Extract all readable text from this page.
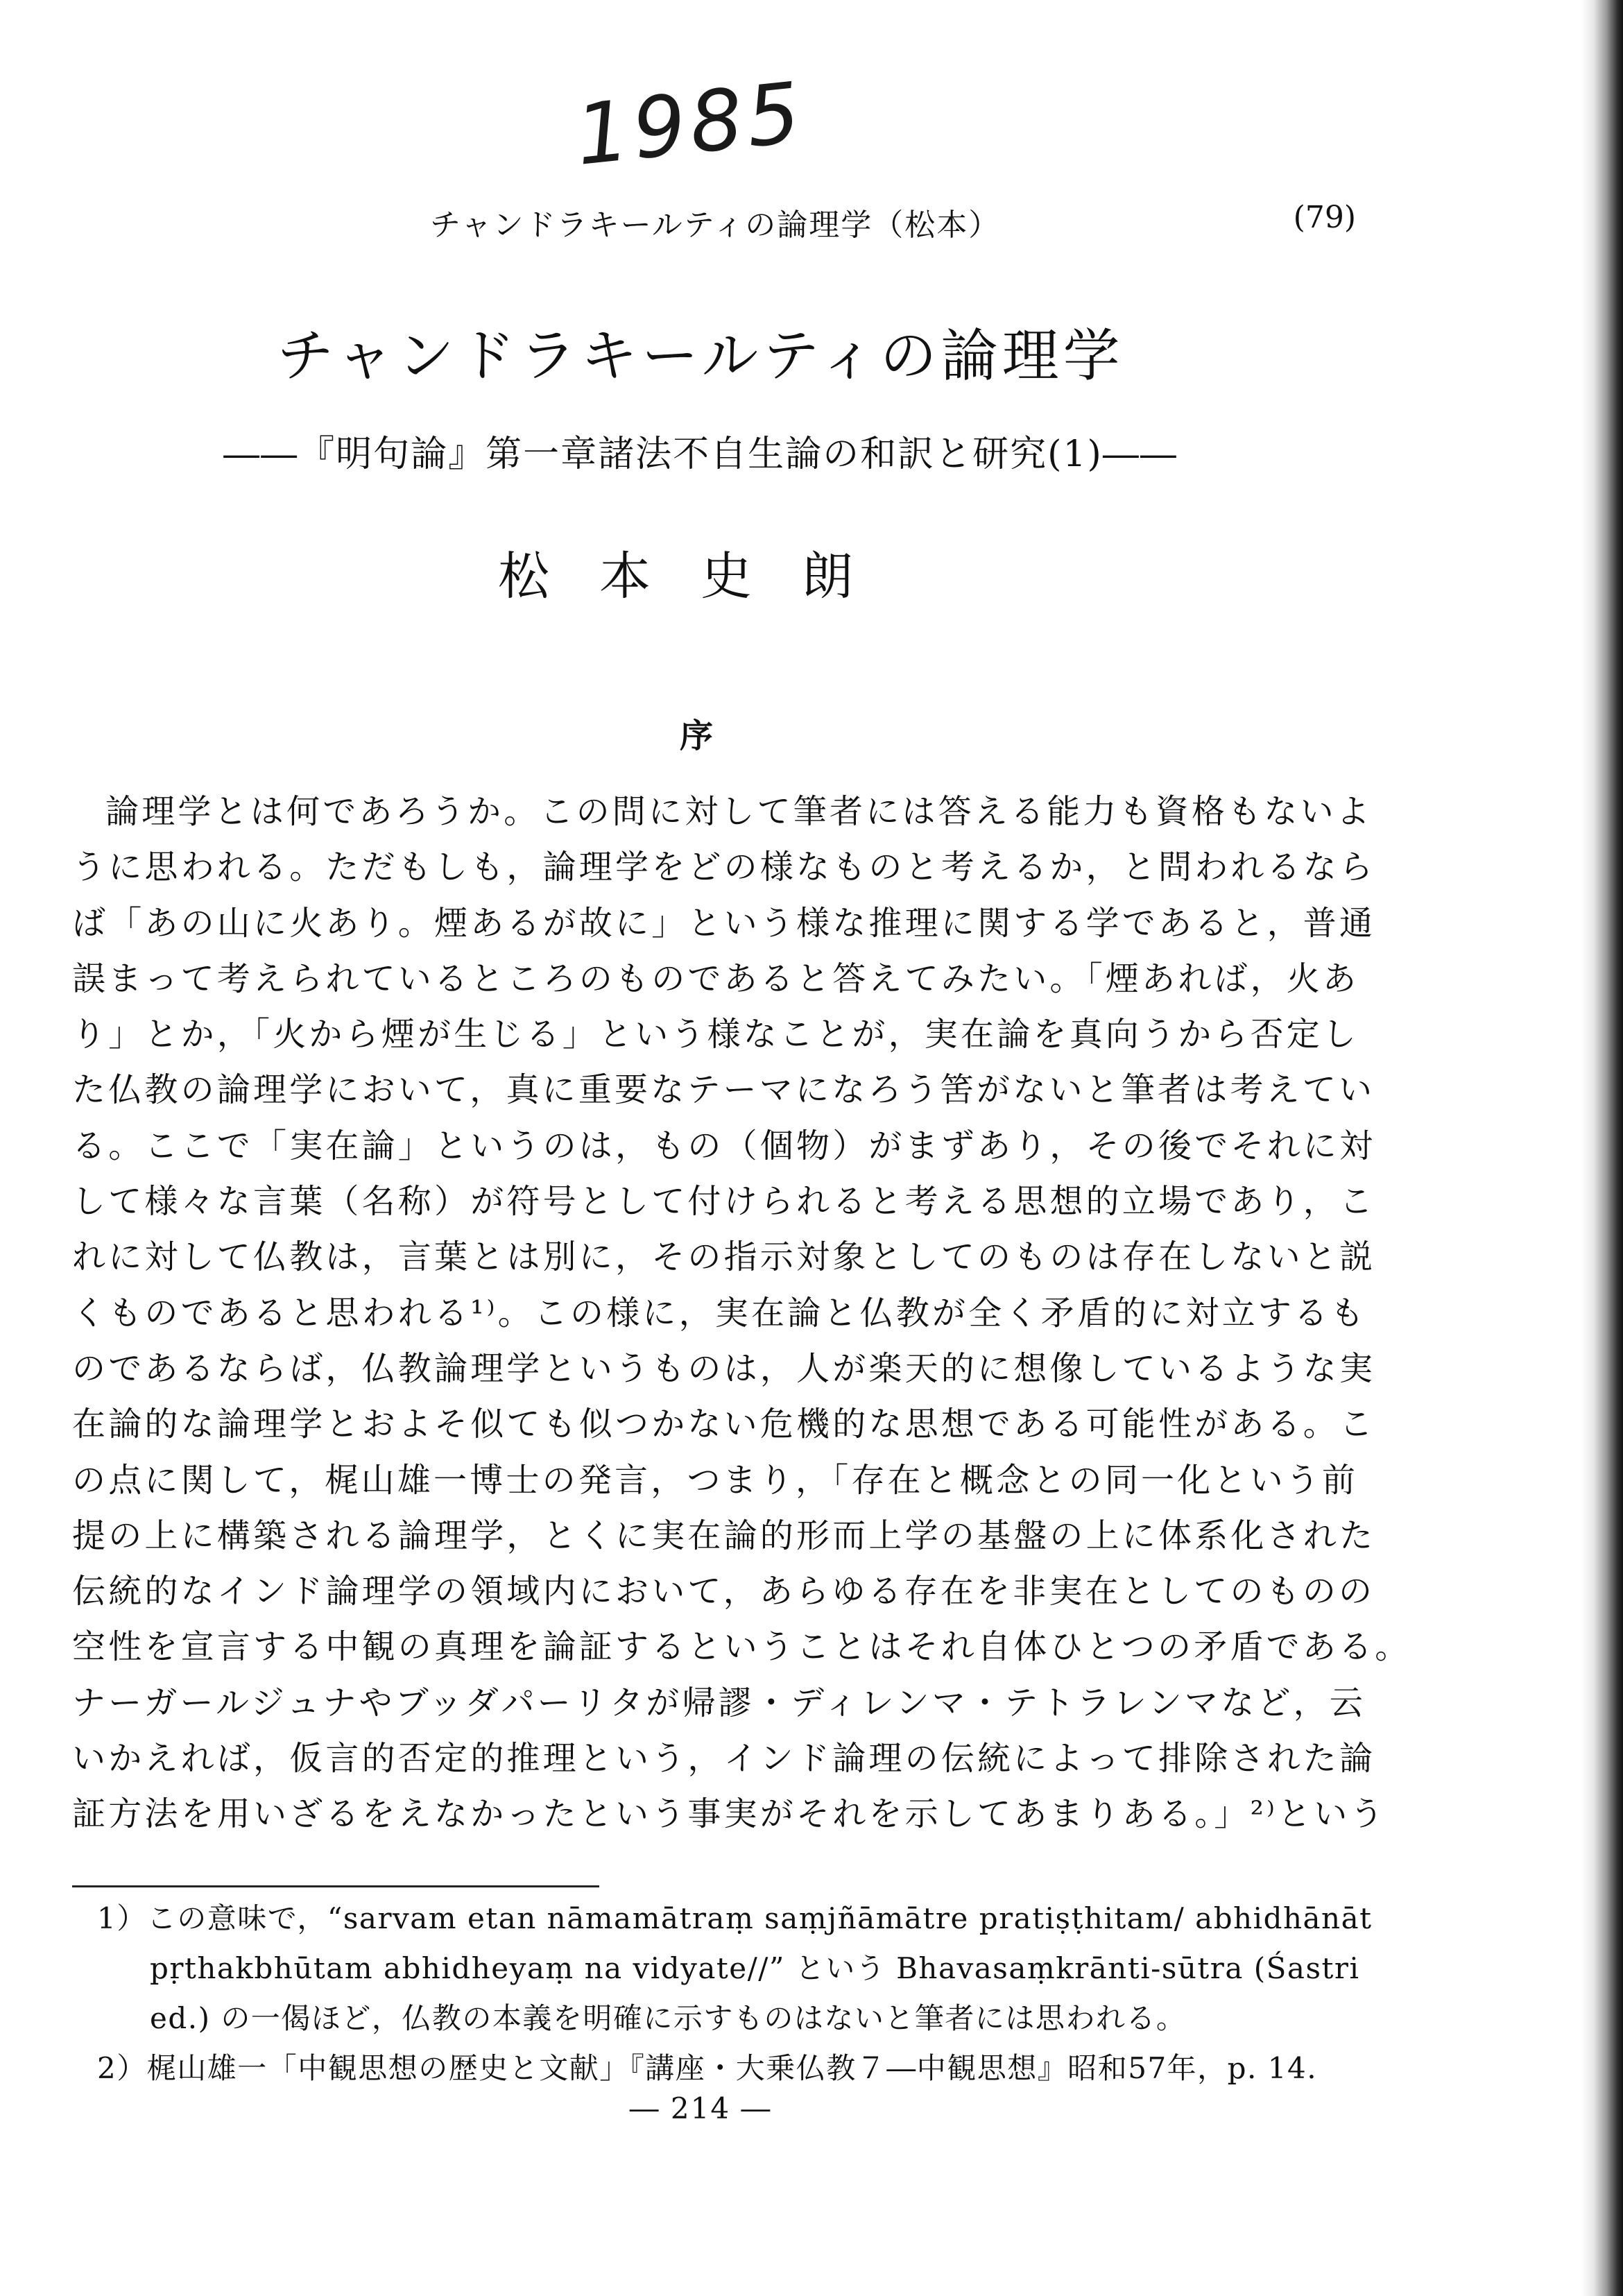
1985
チャンドラキールティの論理学（松本）	(79)
チャンドラキールティの論理学
――『明句論』第一章諸法不自生論の和訳と研究(1)――
松本史朗
序
論理学とは何であろうか。この問に対して筆者には答える能力も資格もないよ
うに思われる。ただもしも，論理学をどの様なものと考えるか，と問われるなら
ば「あの山に火あり。煙あるが故に」という様な推理に関する学であると，普通
誤まって考えられているところのものであると答えてみたい。「煙あれば，火あ
り」とか，「火から煙が生じる」という様なことが，実在論を真向うから否定し
た仏教の論理学において，真に重要なテーマになろう筈がないと筆者は考えてい
る。ここで「実在論」というのは，もの（個物）がまずあり，その後でそれに対
して様々な言葉（名称）が符号として付けられると考える思想的立場であり，こ
れに対して仏教は，言葉とは別に，その指示対象としてのものは存在しないと説
くものであると思われる¹⁾。この様に，実在論と仏教が全く矛盾的に対立するも
のであるならば，仏教論理学というものは，人が楽天的に想像しているような実
在論的な論理学とおよそ似ても似つかない危機的な思想である可能性がある。こ
の点に関して，梶山雄一博士の発言，つまり，「存在と概念との同一化という前
提の上に構築される論理学，とくに実在論的形而上学の基盤の上に体系化された
伝統的なインド論理学の領域内において，あらゆる存在を非実在としてのものの
空性を宣言する中観の真理を論証するということはそれ自体ひとつの矛盾である。
ナーガールジュナやブッダパーリタが帰謬・ディレンマ・テトラレンマなど，云
いかえれば，仮言的否定的推理という，インド論理の伝統によって排除された論
証方法を用いざるをえなかったという事実がそれを示してあまりある。」²⁾という
1）この意味で，“sarvam etan nāmamātraṃ saṃjñāmātre pratiṣṭhitam/ abhidhānāt
pṛthakbhūtam abhidheyaṃ na vidyate//” という Bhavasaṃkrānti-sūtra (Śastri
ed.) の一偈ほど，仏教の本義を明確に示すものはないと筆者には思われる。
2）梶山雄一「中観思想の歴史と文献」『講座・大乗仏教７―中観思想』昭和57年，p. 14.
― 214 ―
